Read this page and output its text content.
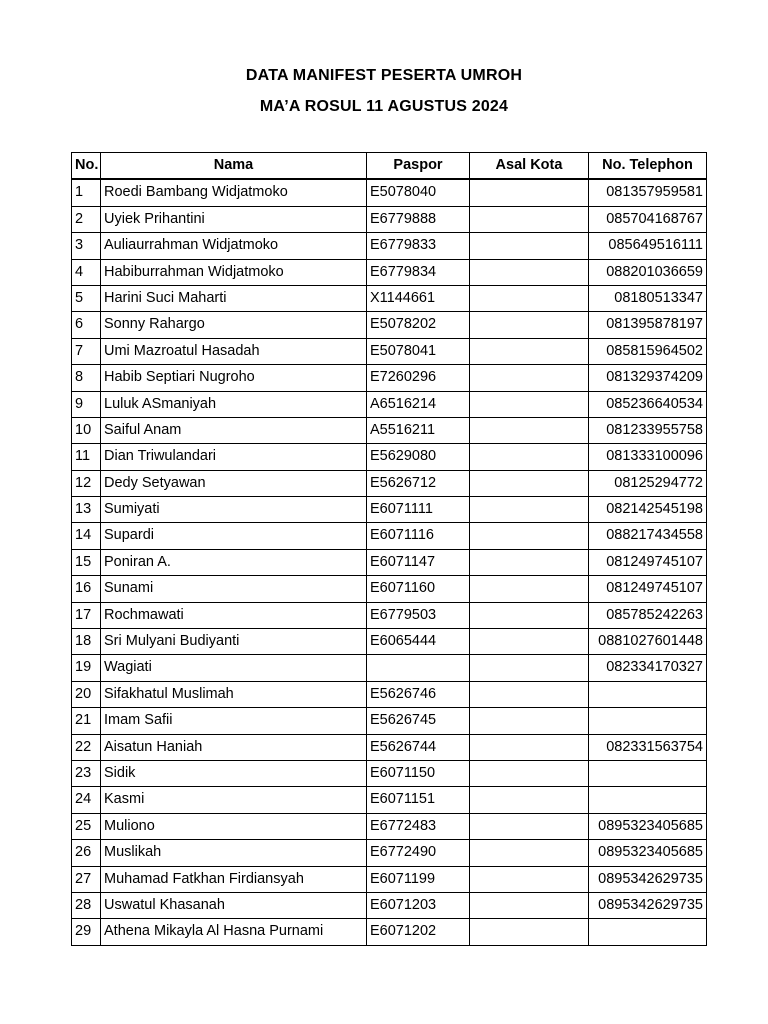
DATA MANIFEST PESERTA UMROH
MA’A ROSUL 11 AGUSTUS 2024
No.	Nama	Paspor	Asal Kota	No. Telephon
1	Roedi Bambang Widjatmoko	E5078040		081357959581
2	Uyiek Prihantini	E6779888		085704168767
3	Auliaurrahman Widjatmoko	E6779833		085649516111
4	Habiburrahman Widjatmoko	E6779834		088201036659
5	Harini Suci Maharti	X1144661		08180513347
6	Sonny Rahargo	E5078202		081395878197
7	Umi Mazroatul Hasadah	E5078041		085815964502
8	Habib Septiari Nugroho	E7260296		081329374209
9	Luluk ASmaniyah	A6516214		085236640534
10	Saiful Anam	A5516211		081233955758
11	Dian Triwulandari	E5629080		081333100096
12	Dedy Setyawan	E5626712		08125294772
13	Sumiyati	E6071111		082142545198
14	Supardi	E6071116		088217434558
15	Poniran A.	E6071147		081249745107
16	Sunami	E6071160		081249745107
17	Rochmawati	E6779503		085785242263
18	Sri Mulyani Budiyanti	E6065444		0881027601448
19	Wagiati			082334170327
20	Sifakhatul Muslimah	E5626746		
21	Imam Safii	E5626745		
22	Aisatun Haniah	E5626744		082331563754
23	Sidik	E6071150		
24	Kasmi	E6071151		
25	Muliono	E6772483		0895323405685
26	Muslikah	E6772490		0895323405685
27	Muhamad Fatkhan Firdiansyah	E6071199		0895342629735
28	Uswatul Khasanah	E6071203		0895342629735
29	Athena Mikayla Al Hasna Purnami	E6071202		
